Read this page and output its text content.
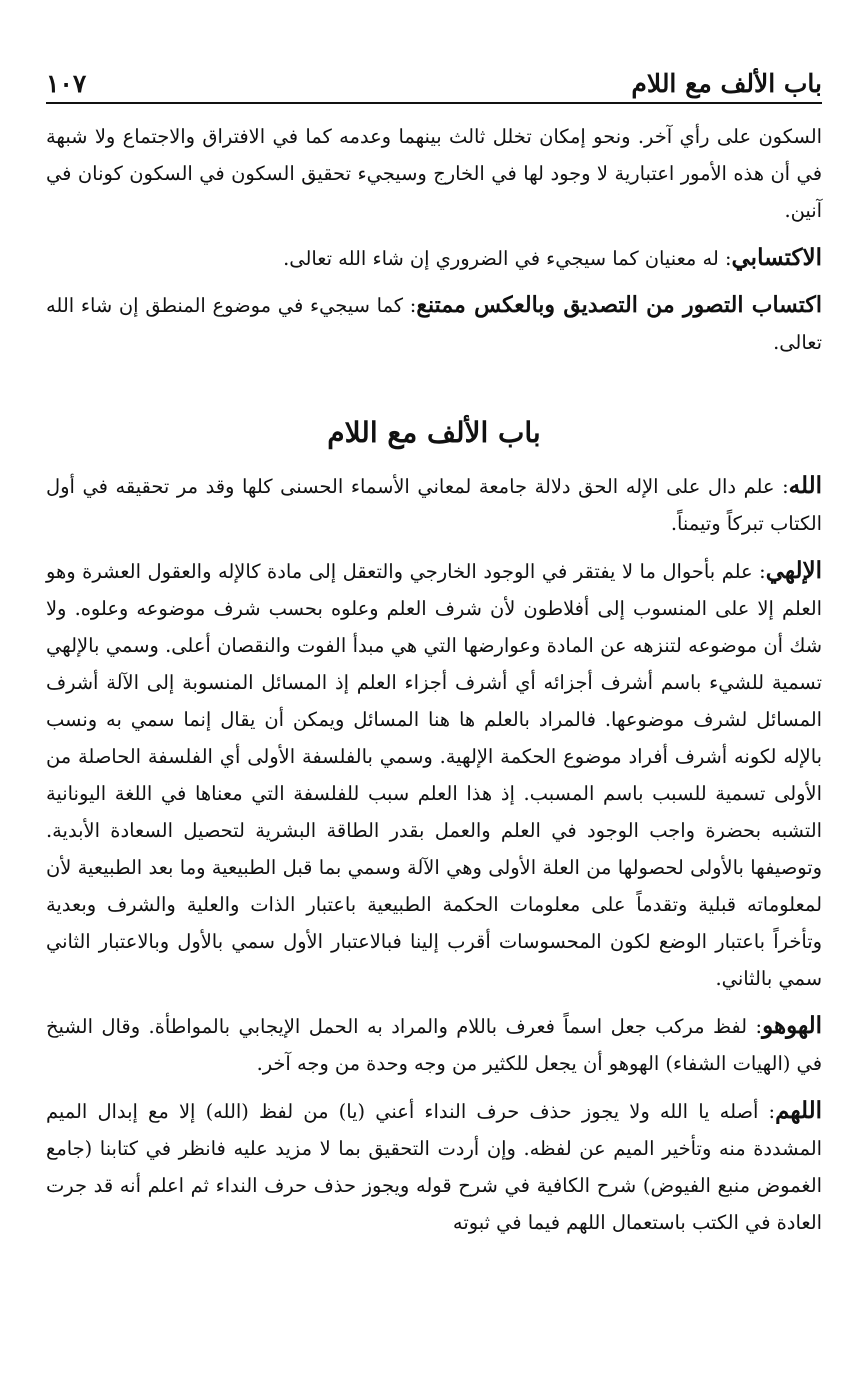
باب الألف مع اللام
١٠٧

السكون على رأي آخر. ونحو إمكان تخلل ثالث بينهما وعدمه كما في الافتراق والاجتماع ولا شبهة في أن هذه الأمور اعتبارية لا وجود لها في الخارج وسيجيء تحقيق السكون في السكون كونان في آنين.

الاكتسابي: له معنيان كما سيجيء في الضروري إن شاء الله تعالى.

اكتساب التصور من التصديق وبالعكس ممتنع: كما سيجيء في موضوع المنطق إن شاء الله تعالى.

باب الألف مع اللام

الله: علم دال على الإله الحق دلالة جامعة لمعاني الأسماء الحسنى كلها وقد مر تحقيقه في أول الكتاب تبركاً وتيمناً.

الإلهي: علم بأحوال ما لا يفتقر في الوجود الخارجي والتعقل إلى مادة كالإله والعقول العشرة وهو العلم إلا على المنسوب إلى أفلاطون لأن شرف العلم وعلوه بحسب شرف موضوعه وعلوه. ولا شك أن موضوعه لتنزهه عن المادة وعوارضها التي هي مبدأ الفوت والنقصان أعلى. وسمي بالإلهي تسمية للشيء باسم أشرف أجزائه أي أشرف أجزاء العلم إذ المسائل المنسوبة إلى الآلة أشرف المسائل لشرف موضوعها. فالمراد بالعلم ها هنا المسائل ويمكن أن يقال إنما سمي به ونسب بالإله لكونه أشرف أفراد موضوع الحكمة الإلهية. وسمي بالفلسفة الأولى أي الفلسفة الحاصلة من الأولى تسمية للسبب باسم المسبب. إذ هذا العلم سبب للفلسفة التي معناها في اللغة اليونانية التشبه بحضرة واجب الوجود في العلم والعمل بقدر الطاقة البشرية لتحصيل السعادة الأبدية. وتوصيفها بالأولى لحصولها من العلة الأولى وهي الآلة وسمي بما قبل الطبيعية وما بعد الطبيعية لأن لمعلوماته قبلية وتقدماً على معلومات الحكمة الطبيعية باعتبار الذات والعلية والشرف وبعدية وتأخراً باعتبار الوضع لكون المحسوسات أقرب إلينا فبالاعتبار الأول سمي بالأول وبالاعتبار الثاني سمي بالثاني.

الهوهو: لفظ مركب جعل اسماً فعرف باللام والمراد به الحمل الإيجابي بالمواطأة. وقال الشيخ في (الهيات الشفاء) الهوهو أن يجعل للكثير من وجه وحدة من وجه آخر.

اللهم: أصله يا الله ولا يجوز حذف حرف النداء أعني (يا) من لفظ (الله) إلا مع إبدال الميم المشددة منه وتأخير الميم عن لفظه. وإن أردت التحقيق بما لا مزيد عليه فانظر في كتابنا (جامع الغموض منبع الفيوض) شرح الكافية في شرح قوله ويجوز حذف حرف النداء ثم اعلم أنه قد جرت العادة في الكتب باستعمال اللهم فيما في ثبوته
